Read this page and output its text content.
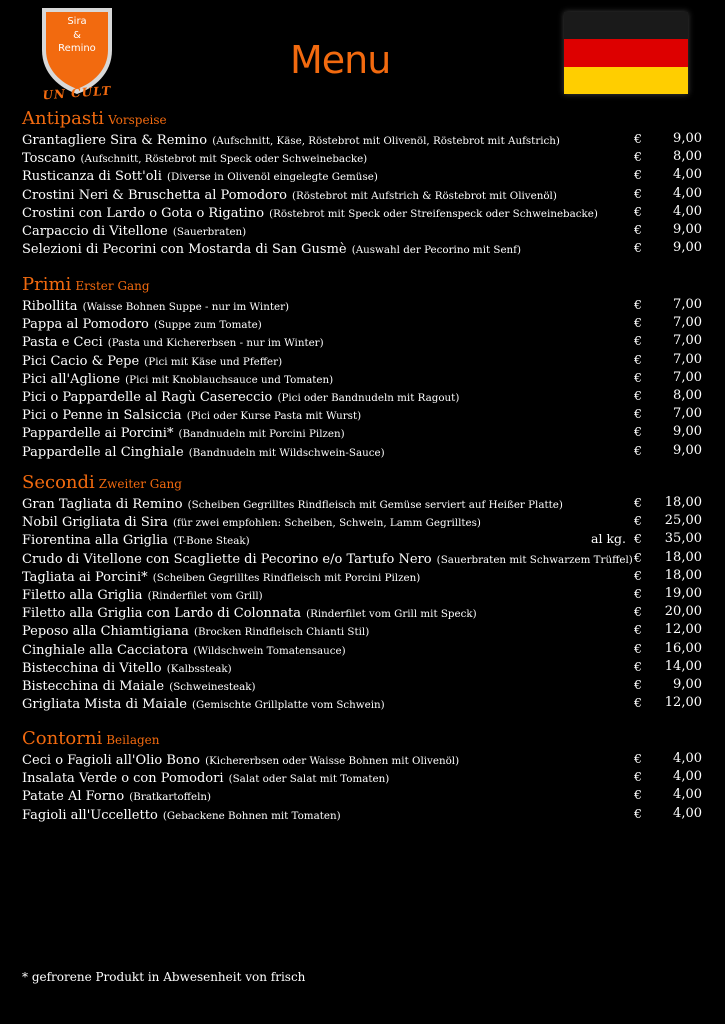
Sira
&
Remino
UN CULT
Menu
Antipasti Vorspeise
Grantagliere Sira & Remino (Aufschnitt, Käse, Röstebrot mit Olivenöl, Röstebrot mit Aufstrich)	€	9,00
Toscano (Aufschnitt, Röstebrot mit Speck oder Schweinebacke)	€	8,00
Rusticanza di Sott'oli (Diverse in Olivenöl eingelegte Gemüse)	€	4,00
Crostini Neri & Bruschetta al Pomodoro (Röstebrot mit Aufstrich & Röstebrot mit Olivenöl)	€	4,00
Crostini con Lardo o Gota o Rigatino (Röstebrot mit Speck oder Streifenspeck oder Schweinebacke)	€	4,00
Carpaccio di Vitellone (Sauerbraten)	€	9,00
Selezioni di Pecorini con Mostarda di San Gusmè (Auswahl der Pecorino mit Senf)	€	9,00
Primi Erster Gang
Ribollita (Waisse Bohnen Suppe - nur im Winter)	€	7,00
Pappa al Pomodoro (Suppe zum Tomate)	€	7,00
Pasta e Ceci (Pasta und Kichererbsen - nur im Winter)	€	7,00
Pici Cacio & Pepe (Pici mit Käse und Pfeffer)	€	7,00
Pici all'Aglione (Pici mit Knoblauchsauce und Tomaten)	€	7,00
Pici o Pappardelle al Ragù Casereccio (Pici oder Bandnudeln mit Ragout)	€	8,00
Pici o Penne in Salsiccia (Pici oder Kurse Pasta mit Wurst)	€	7,00
Pappardelle ai Porcini* (Bandnudeln mit Porcini Pilzen)	€	9,00
Pappardelle al Cinghiale (Bandnudeln mit Wildschwein-Sauce)	€	9,00
Secondi Zweiter Gang
Gran Tagliata di Remino (Scheiben Gegrilltes Rindfleisch mit Gemüse serviert auf Heißer Platte)	€	18,00
Nobil Grigliata di Sira (für zwei empfohlen: Scheiben, Schwein, Lamm Gegrilltes)	€	25,00
Fiorentina alla Griglia (T-Bone Steak)	al kg. €	35,00
Crudo di Vitellone con Scagliette di Pecorino e/o Tartufo Nero (Sauerbraten mit Schwarzem Trüffel) €	18,00
Tagliata ai Porcini* (Scheiben Gegrilltes Rindfleisch mit Porcini Pilzen)	€	18,00
Filetto alla Griglia (Rinderfilet vom Grill)	€	19,00
Filetto alla Griglia con Lardo di Colonnata (Rinderfilet vom Grill mit Speck)	€	20,00
Peposo alla Chiamtigiana (Brocken Rindfleisch Chianti Stil)	€	12,00
Cinghiale alla Cacciatora (Wildschwein Tomatensauce)	€	16,00
Bistecchina di Vitello (Kalbssteak)	€	14,00
Bistecchina di Maiale (Schweinesteak)	€	9,00
Grigliata Mista di Maiale (Gemischte Grillplatte vom Schwein)	€	12,00
Contorni Beilagen
Ceci o Fagioli all'Olio Bono (Kichererbsen oder Waisse Bohnen mit Olivenöl)	€	4,00
Insalata Verde o con Pomodori (Salat oder Salat mit Tomaten)	€	4,00
Patate Al Forno (Bratkartoffeln)	€	4,00
Fagioli all'Uccelletto (Gebackene Bohnen mit Tomaten)	€	4,00
* gefrorene Produkt in Abwesenheit von frisch
